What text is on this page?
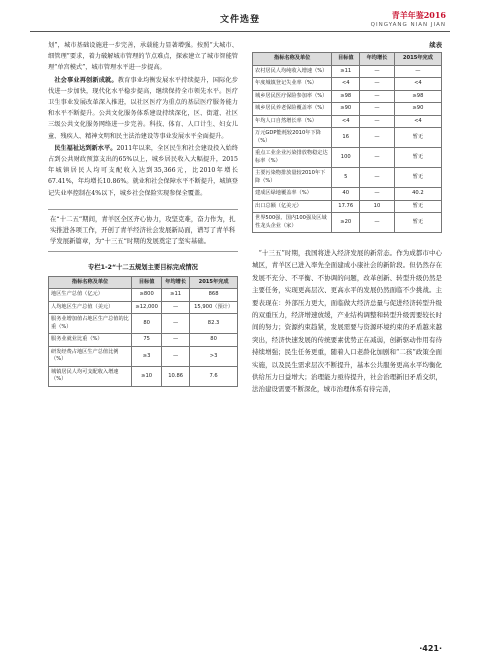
文件选登	青羊年鉴2016
QINGYANG NIAN JIAN

划”，城市基础设施进一步完善，承载能力显著增强。按照“大城市、细管理”要求，着力破解城市管理的节点难点，探索建立了城市智能管理“单宫模式”，城市管理水平进一步提高。

 社会事业再创新成就。教育事业均衡发展水平持续提升，国际化步伐进一步加快，现代化水平稳步提高，继续保持全市领先水平。医疗卫生事业发展改革深入推进，以社区医疗为重点的基层医疗服务能力和水平不断提升。公共文化服务体系建设持续深化，区、街道、社区三级公共文化服务网络进一步完善。科技、体育、人口计生、妇女儿童、残疾人、精神文明和民主法治建设等事业发展水平全面提升。

 民生福祉达到新水平。2011年以来，全区民生和社会建设投入始终占到公共财政预算支出的65%以上，城乡居民收入大幅提升，2015年城镇居民人均可支配收入达到35,366元，比2010年增长67.41%，年均增长10.86%。就业和社会保障水平不断提升，城镇登记失业率控制在4%以下，城乡社会保险实现参保全覆盖。

在“十二五”期间，青羊区全区齐心协力，攻坚克难，奋力作为，扎实推进各项工作，开创了青羊经济社会发展新局面，谱写了青羊科学发展新篇章，为“十三五”时期的发展奠定了坚实基础。
专栏1-2“十二五规划主要目标完成情况
指标名称及单位	目标值	年均增长	2015年完成
地区生产总值（亿元）	≥800	≥11	868
人均地区生产总值（美元）	≥12,000	—	15,900（预计）
服务业增加值占地区生产总值的比重（%）	80	—	82.3
服务业就业比重（%）	75	—	80
研发经费占地区生产总值比例（%）	≥3	—	>3
城镇居民人均可支配收入增速（%）	≥10	10.86	7.6
续表
指标名称及单位	目标值	年均增长	2015年完成
农村居民人均纯收入增速（%）	≥11	—	—
年度城镇登记失业率（%）	<4	—	<4
城乡居民医疗保险参加率（%）	≥98	—	≥98
城乡居民养老保险覆盖率（%）	≥90	—	≥90
年均人口自然增长率（%）	<4	—	<4
万元GDP能耗较2010年下降（%）	16	—	暂无
重点工业企业污染排放物稳定达标率（%）	100	—	暂无
主要污染物排放量较2010年下降（%）	5	—	暂无
建成区绿地覆盖率（%）	40	—	40.2
出口总额（亿美元）	17.76	10	暂无
世界500强、国内100强及区域性龙头企业（家）	≥20	—	暂无

 “十三五”时期，我国将进入经济发展的新常态。作为成都市中心城区，青羊区已进入率先全面建成小康社会的新阶段。但仍然存在发展不充分、不平衡、不协调的问题，改革创新、转型升级仍然是主要任务，实现更高层次、更高水平的发展仍然面临不少挑战。主要表现在：外部压力更大，面临做大经济总量与促进经济转型升级的双重压力，经济增速放缓，产业结构调整和转型升级需要较长时间的努力；资源约束趋紧，发展需要与资源环境约束的矛盾越来越突出，经济快速发展的传统要素优势正在减弱，创新驱动作用有待持续增强；民生任务更重，随着人口老龄化加剧和“二孩”政策全面实施，以及民生需求层次不断提升，基本公共服务更高水平均衡化供给压力日益增大；治理能力亟待提升，社会治理新旧矛盾交织，法治建设需要不断深化，城市治理体系有待完善，

·421·
